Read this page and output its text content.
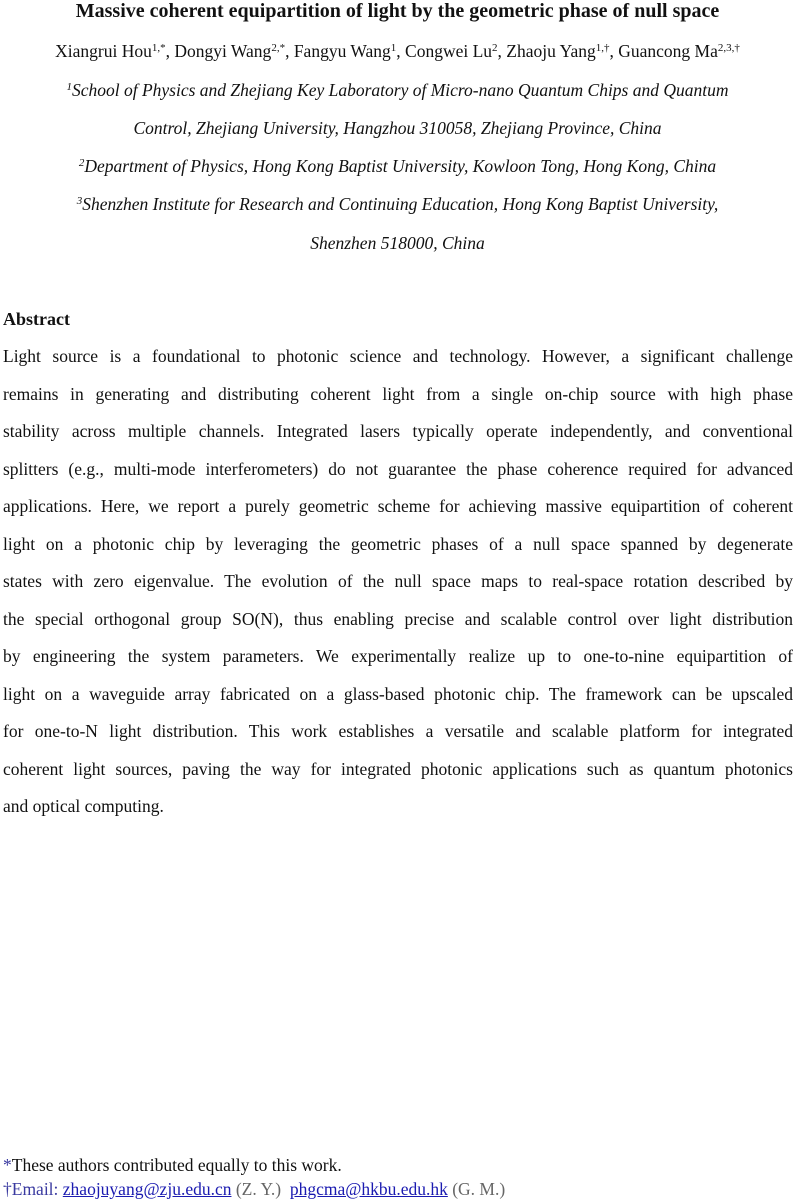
Massive coherent equipartition of light by the geometric phase of null space
Xiangrui Hou$^{1,*}$, Dongyi Wang$^{2,*}$, Fangyu Wang$^1$, Congwei Lu$^2$, Zhaoju Yang$^{1,\dagger}$, Guancong $Ma^{2,3,\dagger}$
$^1$School of Physics and Zhejiang Key Laboratory of Micro-nano Quantum Chips and Quantum
Control, Zhejiang University, Hangzhou 310058, Zhejiang Province, China
$^2$Department of Physics, Hong Kong Baptist University, Kowloon Tong, Hong Kong, China
$^3$Shenzhen Institute for Research and Continuing Education, Hong Kong Baptist University,
Shenzhen 518000, China
Abstract
Light source is a foundational to photonic science and technology. However, a significant challenge
remains in generating and distributing coherent light from a single on-chip source with high phase
stability across multiple channels. Integrated lasers typically operate independently, and conventional
splitters (e.g., multi-mode interferometers) do not guarantee the phase coherence required for advanced
applications. Here, we report a purely geometric scheme for achieving massive equipartition of coherent
light on a photonic chip by leveraging the geometric phases of a null space spanned by degenerate
states with zero eigenvalue. The evolution of the null space maps to real-space rotation described by
the special orthogonal group SO(N), thus enabling precise and scalable control over light distribution
by engineering the system parameters. We experimentally realize up to one-to-nine equipartition of
light on a waveguide array fabricated on a glass-based photonic chip. The framework can be upscaled
for one-to-N light distribution. This work establishes a versatile and scalable platform for integrated
coherent light sources, paving the way for integrated photonic applications such as quantum photonics
and optical computing.
*These authors contributed equally to this work.
†Email: zhaojuyang@zju.edu.cn (Z. Y.) phgcma@hkbu.edu.hk (G. M.)
